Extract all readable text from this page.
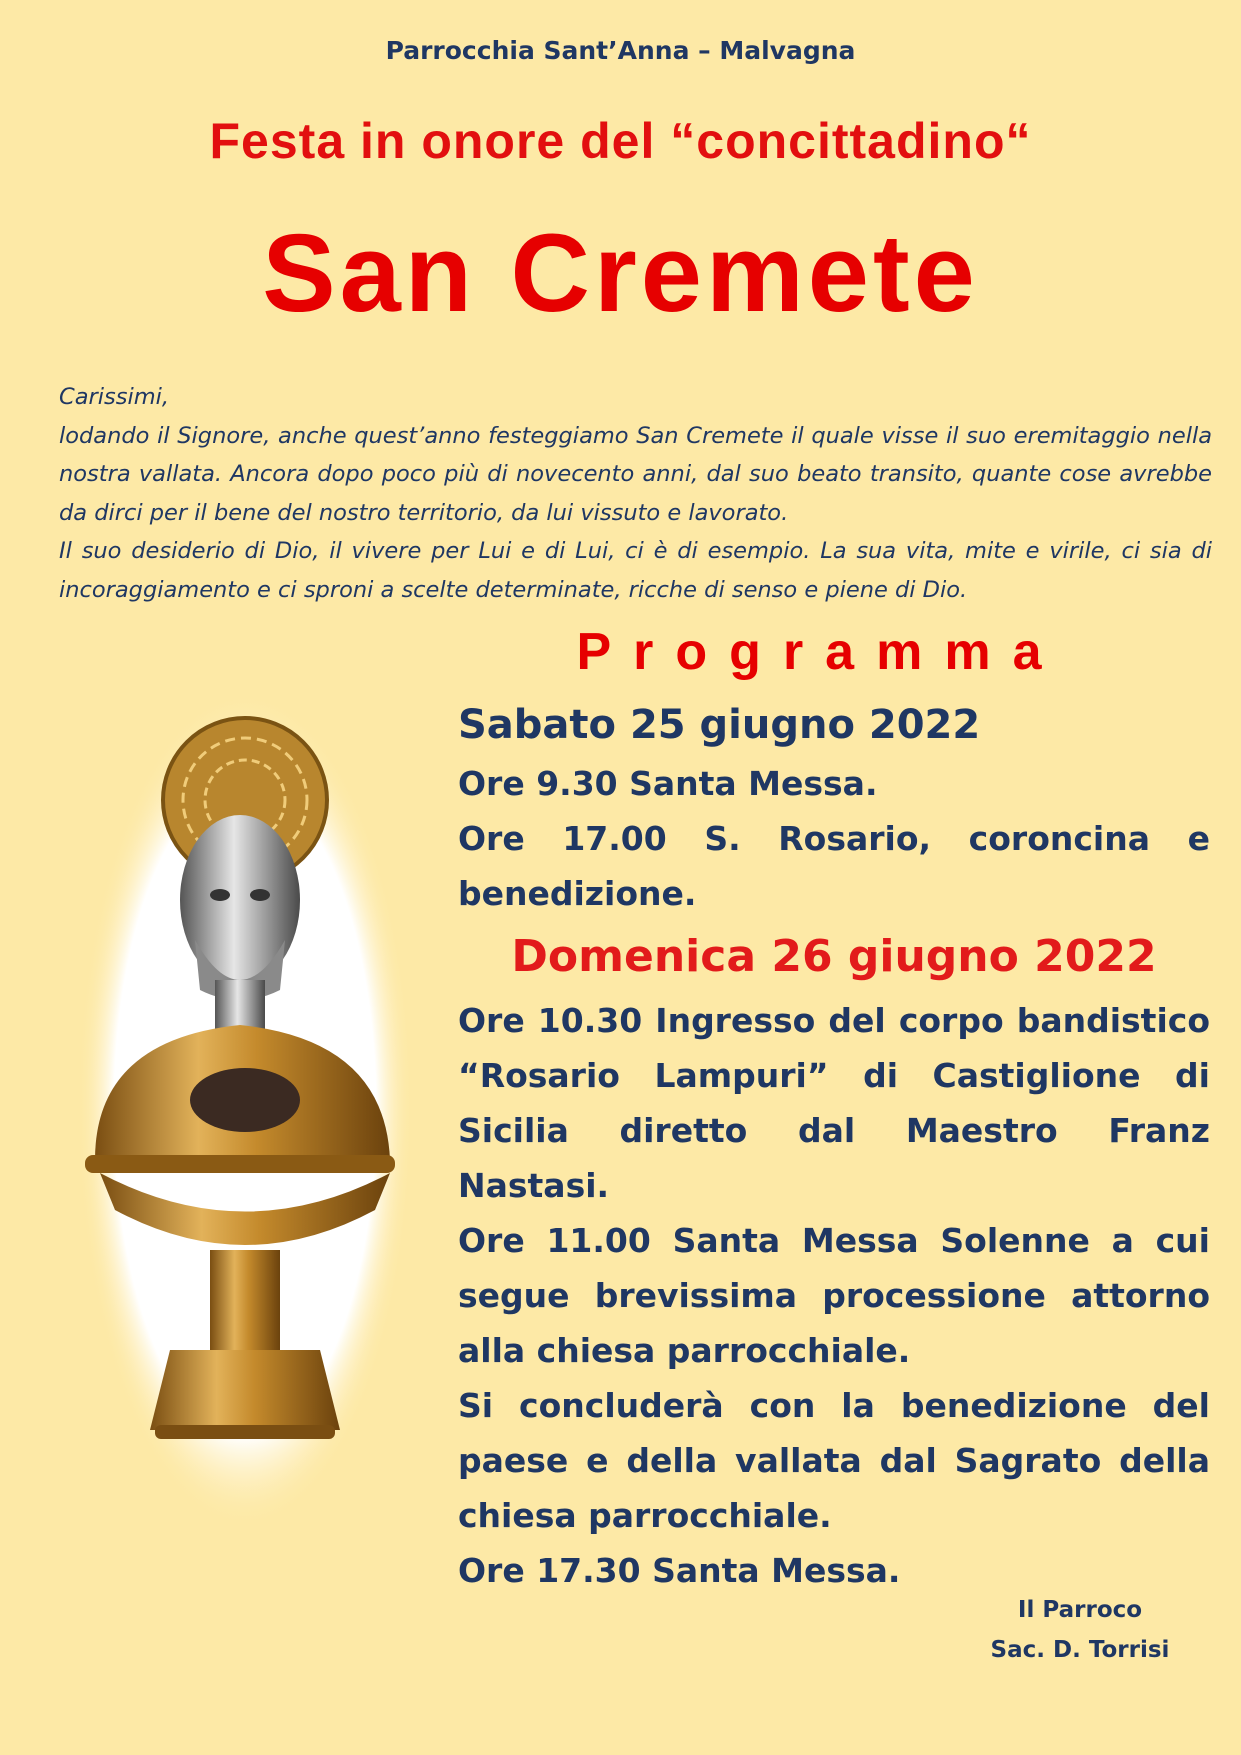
Parrocchia Sant’Anna – Malvagna
Festa in onore del “concittadino“
San Cremete

Carissimi,

lodando il Signore, anche quest’anno festeggiamo San Cremete il quale visse il suo eremitaggio nella nostra vallata. Ancora dopo poco più di novecento anni, dal suo beato transito, quante cose avrebbe da dirci per il bene del nostro territorio, da lui vissuto e lavorato.

Il suo desiderio di Dio, il vivere per Lui e di Lui, ci è di esempio. La sua vita, mite e virile, ci sia di incoraggiamento e ci sproni a scelte determinate, ricche di senso e piene di Dio.

Programma
Sabato 25 giugno 2022
Ore 9.30 Santa Messa.
Ore 17.00 S. Rosario, coroncina e benedizione.
Domenica 26 giugno 2022
Ore 10.30 Ingresso del corpo bandistico “Rosario Lampuri” di Castiglione di Sicilia diretto dal Maestro Franz Nastasi.
Ore 11.00 Santa Messa Solenne a cui segue brevissima processione attorno alla chiesa parrocchiale.
Si concluderà con la benedizione del paese e della vallata dal Sagrato della chiesa parrocchiale.
Ore 17.30 Santa Messa.
Il Parroco
Sac. D. Torrisi
